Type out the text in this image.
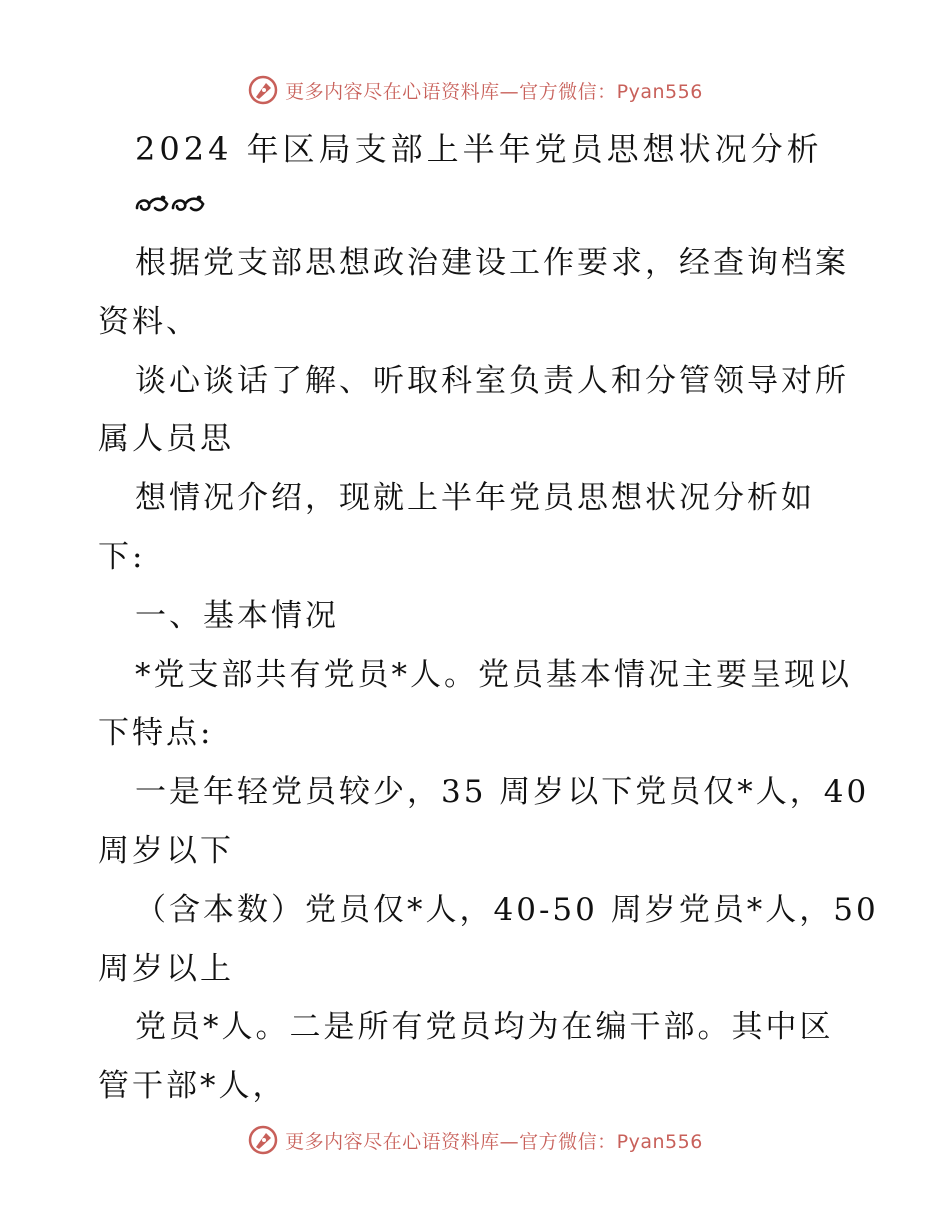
更多内容尽在心语资料库—官方微信：Pyan556
2024 年区局支部上半年党员思想状况分析
根据党支部思想政治建设工作要求，经查询档案
资料、
谈心谈话了解、听取科室负责人和分管领导对所
属人员思
想情况介绍，现就上半年党员思想状况分析如
下:
一、基本情况
*党支部共有党员*人。党员基本情况主要呈现以
下特点:
一是年轻党员较少，35 周岁以下党员仅*人，40
周岁以下
（含本数）党员仅*人，40-50 周岁党员*人，50
周岁以上
党员*人。二是所有党员均为在编干部。其中区
管干部*人，
更多内容尽在心语资料库—官方微信：Pyan556
